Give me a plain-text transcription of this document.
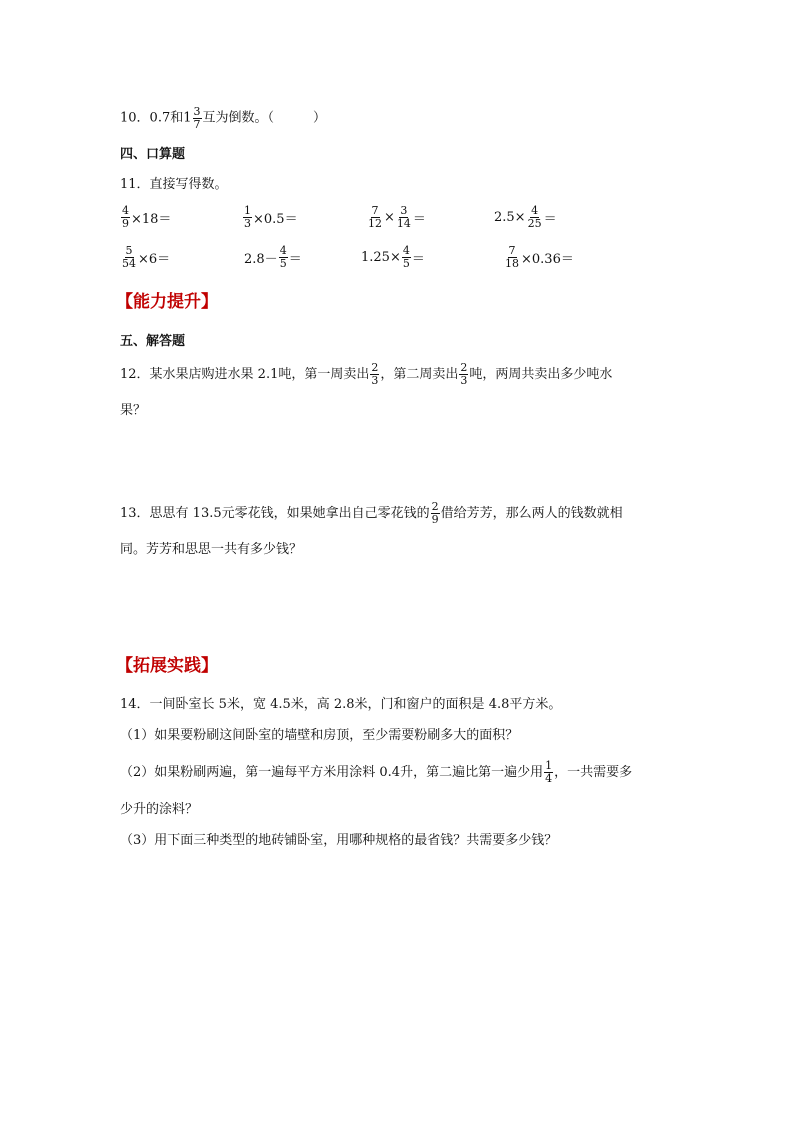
10．0.7和$1 \frac{3}{7}$ 互为倒数。（　　　）
四、口算题
11．直接写得数。
$\frac{4}{9} \times 18=$	$\frac{1}{3} \times 0.5=$	$\frac{7}{12} \times \frac{3}{14}$ ＝	$2.5\times \frac{4}{25}$ ＝
$\frac{5}{54} \times 6=$	$2.8- \frac{4}{5}$ ＝	$1.25\times \frac{4}{5}$ ＝	$\frac{7}{18} \times 0.36=$
【能力提升】
五、解答题
12．某水果店购进水果 2.1吨，第一周卖出 $\frac{2}{3}$ ，第二周卖出 $\frac{2}{3}$ 吨，两周共卖出多少吨水
果？
13．思思有 13.5元零花钱，如果她拿出自己零花钱的 $\frac{2}{9}$ 借给芳芳，那么两人的钱数就相
同。芳芳和思思一共有多少钱？
【拓展实践】
14．一间卧室长 5米，宽 4.5米，高 2.8米，门和窗户的面积是 4.8平方米。
（1）如果要粉刷这间卧室的墙壁和房顶，至少需要粉刷多大的面积？
（2）如果粉刷两遍，第一遍每平方米用涂料 0.4升，第二遍比第一遍少用 $\frac{1}{4}$ ，一共需要多
少升的涂料？
（3）用下面三种类型的地砖铺卧室，用哪种规格的最省钱？共需要多少钱？
